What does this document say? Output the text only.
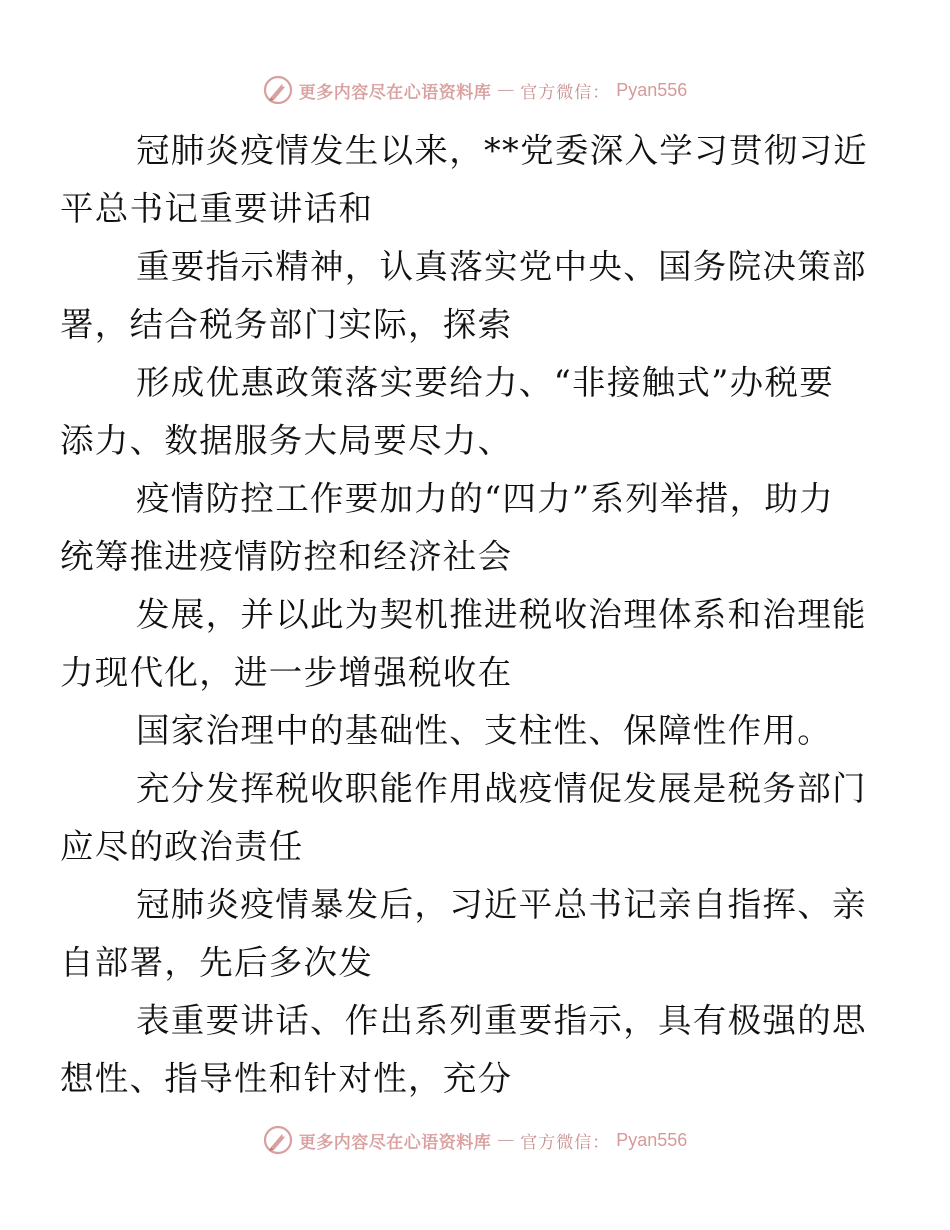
更多内容尽在心语资料库 — 官方微信： Pyan556

冠肺炎疫情发生以来，**党委深入学习贯彻习近
平总书记重要讲话和

重要指示精神，认真落实党中央、国务院决策部
署，结合税务部门实际，探索

形成优惠政策落实要给力、“非接触式”办税要
添力、数据服务大局要尽力、

疫情防控工作要加力的“四力”系列举措，助力
统筹推进疫情防控和经济社会

发展，并以此为契机推进税收治理体系和治理能
力现代化，进一步增强税收在

国家治理中的基础性、支柱性、保障性作用。

充分发挥税收职能作用战疫情促发展是税务部门
应尽的政治责任

冠肺炎疫情暴发后，习近平总书记亲自指挥、亲
自部署，先后多次发

表重要讲话、作出系列重要指示，具有极强的思
想性、指导性和针对性，充分

更多内容尽在心语资料库 — 官方微信： Pyan556
